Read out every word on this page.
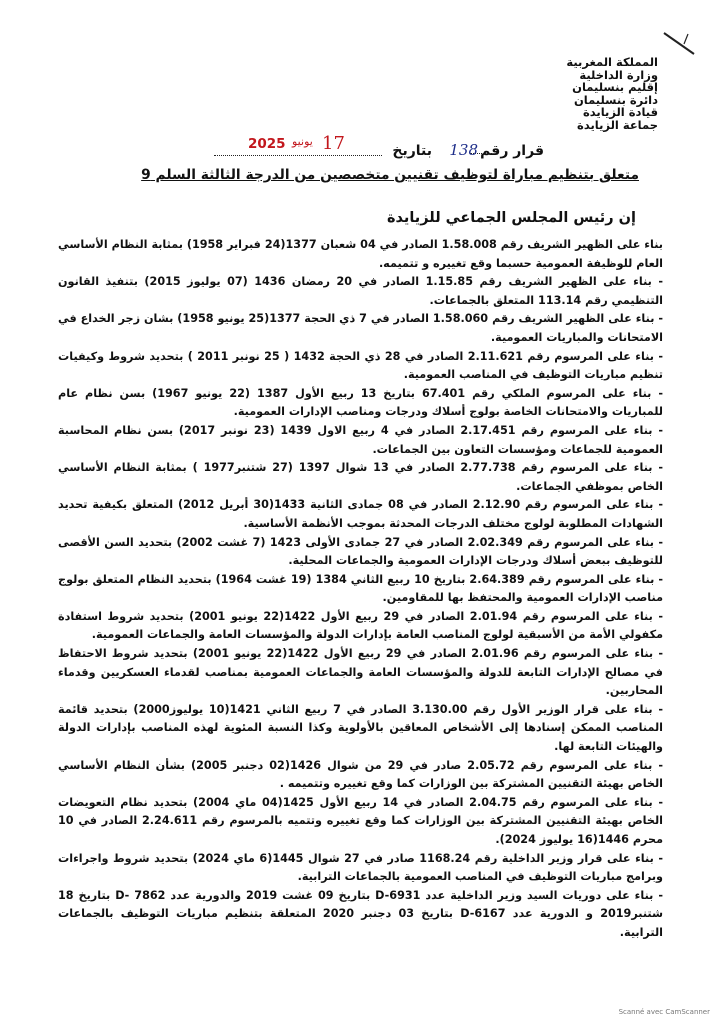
المملكة المغربية
وزارة الداخلية
إقليم بنسليمان
دائرة بنسليمان
قيادة الزيايدة
جماعة الزيايدة
قرار رقم
138
بتاريخ
17
يونيو
2025
متعلق بتنظيم مباراة لتوظيف تقنيين متخصصين من الدرجة الثالثة السلم 9
إن رئيس المجلس الجماعي للزيايدة

بناء على الظهير الشريف رقم 1.58.008 الصادر في 04 شعبان 1377(24 فبراير 1958) بمثابة النظام الأساسي العام للوظيفة العمومية حسبما وقع تغييره و تتميمه.

- بناء على الظهير الشريف رقم 1.15.85 الصادر في 20 رمضان 1436 (07 يوليوز 2015) بتنفيذ القانون التنظيمي رقم 113.14 المتعلق بالجماعات.

- بناء على الظهير الشريف رقم 1.58.060 الصادر في 7 ذي الحجة 1377(25 يونيو 1958) بشان زجر الخداع في الامتحانات والمباريات العمومية.

- بناء على المرسوم رقم 2.11.621 الصادر في 28 ذي الحجة 1432 ( 25 نونبر 2011 ) بتحديد شروط وكيفيات تنظيم مباريات التوظيف في المناصب العمومية.

- بناء على المرسوم الملكي رقم 67.401 بتاريخ 13 ربيع الأول 1387 (22 يونيو 1967) بسن نظام عام للمباريات والامتحانات الخاصة بولوج أسلاك ودرجات ومناصب الإدارات العمومية.

- بناء على المرسوم رقم 2.17.451 الصادر في 4 ربيع الاول 1439 (23 نونبر 2017) بسن نظام المحاسبة العمومية للجماعات ومؤسسات التعاون بين الجماعات.

- بناء على المرسوم رقم 2.77.738 الصادر في 13 شوال 1397 (27 شتنبر1977 ) بمثابة النظام الأساسي الخاص بموظفي الجماعات.

- بناء على المرسوم رقم 2.12.90 الصادر في 08 جمادى الثانية 1433(30 أبريل 2012) المتعلق بكيفية تحديد الشهادات المطلوبة لولوج مختلف الدرجات المحدثة بموجب الأنظمة الأساسية.

- بناء على المرسوم رقم 2.02.349 الصادر في 27 جمادى الأولى 1423 (7 غشت 2002) بتحديد السن الأقصى للتوظيف ببعض أسلاك ودرجات الإدارات العمومية والجماعات المحلية.

- بناء على المرسوم رقم 2.64.389 بتاريخ 10 ربيع الثاني 1384 (19 غشت 1964) بتحديد النظام المتعلق بولوج مناصب الإدارات العمومية والمحتفظ بها للمقاومين.

- بناء على المرسوم رقم 2.01.94 الصادر في 29 ربيع الأول 1422(22 يونيو 2001) بتحديد شروط استفادة مكفولي الأمة من الأسبقية لولوج المناصب العامة بإدارات الدولة والمؤسسات العامة والجماعات العمومية.

- بناء على المرسوم رقم 2.01.96 الصادر في 29 ربيع الأول 1422(22 يونيو 2001) بتحديد شروط الاحتفاظ في مصالح الإدارات التابعة للدولة والمؤسسات العامة والجماعات العمومية بمناصب لقدماء العسكريين وقدماء المحاربين.

- بناء على قرار الوزير الأول رقم 3.130.00 الصادر في 7 ربيع الثاني 1421(10 يوليوز2000) بتحديد قائمة المناصب الممكن إسنادها إلى الأشخاص المعاقين بالأولوية وكذا النسبة المئوية لهذه المناصب بإدارات الدولة والهيئات التابعة لها.

- بناء على المرسوم رقم 2.05.72 صادر في 29 من شوال 1426(02 دجنبر 2005) بشأن النظام الأساسي الخاص بهيئة التقنيين المشتركة بين الوزارات كما وقع تغييره وتتميمه .

- بناء على المرسوم رقم 2.04.75 الصادر في 14 ربيع الأول 1425(04 ماي 2004) بتحديد نظام التعويضات الخاص بهيئة التقنيين المشتركة بين الوزارات كما وقع تغييره وتتميه بالمرسوم رقم 2.24.611 الصادر في 10 محرم 1446(16 يوليوز 2024).

- بناء على قرار وزير الداخلية رقم 1168.24 صادر في 27 شوال 1445(6 ماي 2024) بتحديد شروط واجراءات وبرامج مباريات التوظيف في المناصب العمومية بالجماعات الترابية.

- بناء على دوريات السيد وزير الداخلية عدد D-6931 بتاريخ 09 غشت 2019 والدورية عدد D- 7862 بتاريخ 18 شتنبر2019 و الدورية عدد D-6167 بتاريخ 03 دجنبر 2020 المتعلقة بتنظيم مباريات التوظيف بالجماعات الترابية.

Scanné avec CamScanner
